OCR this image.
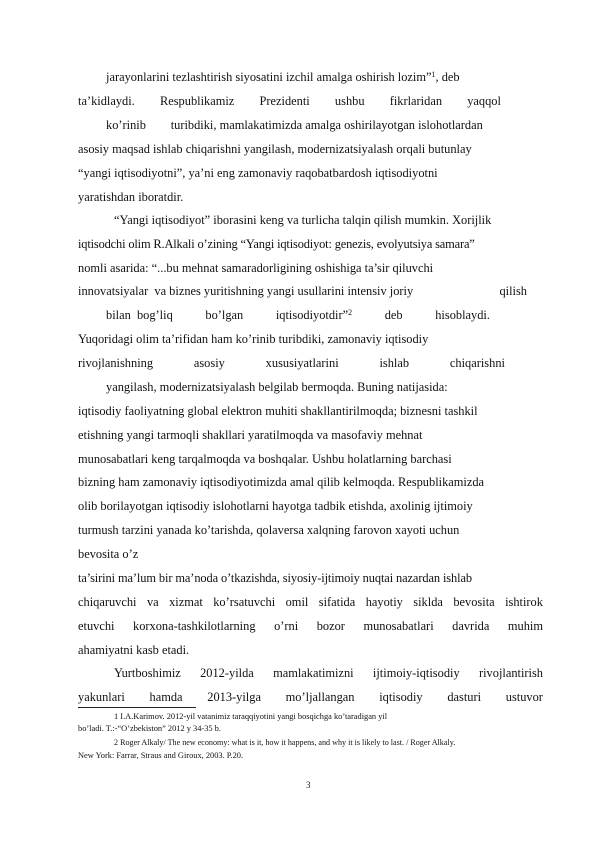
jarayonlarini tezlashtirish siyosatini izchil amalga oshirish lozim”$^1$, deb

ta’kidlaydi. Respublikamiz Prezidenti ushbu fikrlaridan yaqqol

ko’rinib        turibdiki, mamlakatimizda amalga oshirilayotgan islohotlardan

asosiy maqsad ishlab chiqarishni yangilash, modernizatsiyalash orqali butunlay

“yangi iqtisodiyotni”, ya’ni eng zamonaviy raqobatbardosh iqtisodiyotni

yaratishdan iboratdir.

“Yangi iqtisodiyot” iborasini keng va turlicha talqin qilish mumkin. Xorijlik

iqtisodchi olim R.Alkali o’zining “Yangi iqtisodiyot: genezis, evolyutsiya samara”

nomli asarida: “...bu mehnat samaradorligining oshishiga ta’sir qiluvchi

innovatsiyalar  va biznes yuritishning yangi usullarini intensiv joriy	qilish
bilan  bog’liq	bo’lgan	iqtisodiyotdir”$^2$	deb	hisoblaydi.

Yuqoridagi olim ta’rifidan ham ko’rinib turibdiki, zamonaviy iqtisodiy

rivojlanishning	asosiy	xususiyatlarini	ishlab	chiqarishni

yangilash, modernizatsiyalash belgilab bermoqda. Buning natijasida:

iqtisodiy faoliyatning global elektron muhiti shakllantirilmoqda; biznesni tashkil

etishning yangi tarmoqli shakllari yaratilmoqda va masofaviy mehnat

munosabatlari keng tarqalmoqda va boshqalar. Ushbu holatlarning barchasi

bizning ham zamonaviy iqtisodiyotimizda amal qilib kelmoqda. Respublikamizda

olib borilayotgan iqtisodiy islohotlarni hayotga tadbik etishda, axolinig ijtimoiy

turmush tarzini yanada ko’tarishda, qolaversa xalqning farovon xayoti uchun

bevosita o’z

ta’sirini ma’lum bir ma’noda o’tkazishda, siyosiy-ijtimoiy nuqtai nazardan ishlab

chiqaruvchi va xizmat ko’rsatuvchi omil sifatida hayotiy siklda bevosita ishtirok
etuvchi korxona-tashkilotlarning o’rni bozor munosabatlari davrida muhim

ahamiyatni kasb etadi.

Yurtboshimiz 2012-yilda mamlakatimizni ijtimoiy-iqtisodiy rivojlantirish
yakunlari hamda 2013-yilga mo’ljallangan iqtisodiy dasturi ustuvor

1 I.A.Karimov. 2012-yil vatanimiz taraqqiyotini yangi bosqichga ko’taradigan yil

bo’ladi. T.:-“O’zbekiston” 2012 y 34-35 b.

2 Roger Alkaly/ The new economy: what is it, how it happens, and why it is likely to last. / Roger Alkaly.

New York: Farrar, Straus and Giroux, 2003. P.20.

3
